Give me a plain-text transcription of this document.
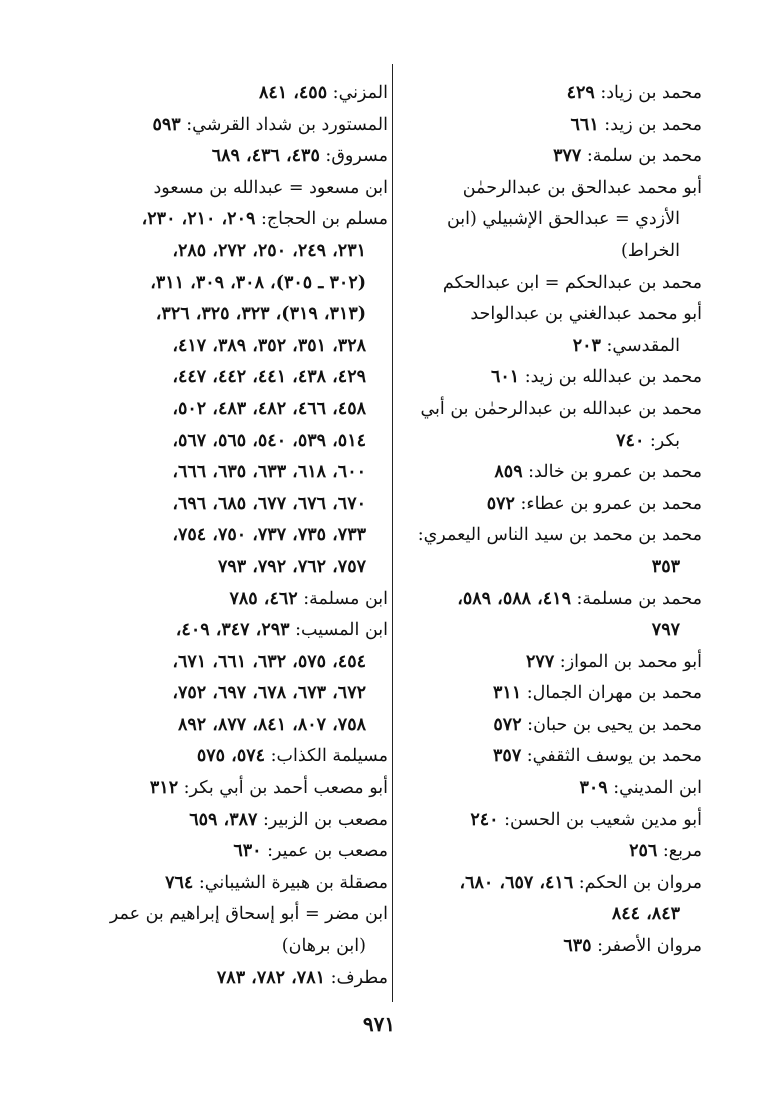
محمد بن زياد: ٤٢٩
محمد بن زيد: ٦٦١
محمد بن سلمة: ٣٧٧
أبو محمد عبدالحق بن عبدالرحمٰن
الأزدي = عبدالحق الإشبيلي (ابن
الخراط)
محمد بن عبدالحكم = ابن عبدالحكم
أبو محمد عبدالغني بن عبدالواحد
المقدسي: ٢٠٣
محمد بن عبدالله بن زيد: ٦٠١
محمد بن عبدالله بن عبدالرحمٰن بن أبي
بكر: ٧٤٠
محمد بن عمرو بن خالد: ٨٥٩
محمد بن عمرو بن عطاء: ٥٧٢
محمد بن محمد بن سيد الناس اليعمري:
٣٥٣
محمد بن مسلمة: ٤١٩، ٥٨٨، ٥٨٩،
٧٩٧
أبو محمد بن المواز: ٢٧٧
محمد بن مهران الجمال: ٣١١
محمد بن يحيى بن حبان: ٥٧٢
محمد بن يوسف الثقفي: ٣٥٧
ابن المديني: ٣٠٩
أبو مدين شعيب بن الحسن: ٢٤٠
مربع: ٢٥٦
مروان بن الحكم: ٤١٦، ٦٥٧، ٦٨٠،
٨٤٣، ٨٤٤
مروان الأصفر: ٦٣٥
المزني: ٤٥٥، ٨٤١
المستورد بن شداد القرشي: ٥٩٣
مسروق: ٤٣٥، ٤٣٦، ٦٨٩
ابن مسعود = عبدالله بن مسعود
مسلم بن الحجاج: ٢٠٩، ٢١٠، ٢٣٠،
٢٣١، ٢٤٩، ٢٥٠، ٢٧٢، ٢٨٥،
(٣٠٢ ـ ٣٠٥)، ٣٠٨، ٣٠٩، ٣١١،
(٣١٣، ٣١٩)، ٣٢٣، ٣٢٥، ٣٢٦،
٣٢٨، ٣٥١، ٣٥٢، ٣٨٩، ٤١٧،
٤٢٩، ٤٣٨، ٤٤١، ٤٤٢، ٤٤٧،
٤٥٨، ٤٦٦، ٤٨٢، ٤٨٣، ٥٠٢،
٥١٤، ٥٣٩، ٥٤٠، ٥٦٥، ٥٦٧،
٦٠٠، ٦١٨، ٦٣٣، ٦٣٥، ٦٦٦،
٦٧٠، ٦٧٦، ٦٧٧، ٦٨٥، ٦٩٦،
٧٣٣، ٧٣٥، ٧٣٧، ٧٥٠، ٧٥٤،
٧٥٧، ٧٦٢، ٧٩٢، ٧٩٣
ابن مسلمة: ٤٦٢، ٧٨٥
ابن المسيب: ٢٩٣، ٣٤٧، ٤٠٩،
٤٥٤، ٥٧٥، ٦٣٢، ٦٦١، ٦٧١،
٦٧٢، ٦٧٣، ٦٧٨، ٦٩٧، ٧٥٢،
٧٥٨، ٨٠٧، ٨٤١، ٨٧٧، ٨٩٢
مسيلمة الكذاب: ٥٧٤، ٥٧٥
أبو مصعب أحمد بن أبي بكر: ٣١٢
مصعب بن الزبير: ٣٨٧، ٦٥٩
مصعب بن عمير: ٦٣٠
مصقلة بن هبيرة الشيباني: ٧٦٤
ابن مضر = أبو إسحاق إبراهيم بن عمر
(ابن برهان)
مطرف: ٧٨١، ٧٨٢، ٧٨٣
٩٧١
